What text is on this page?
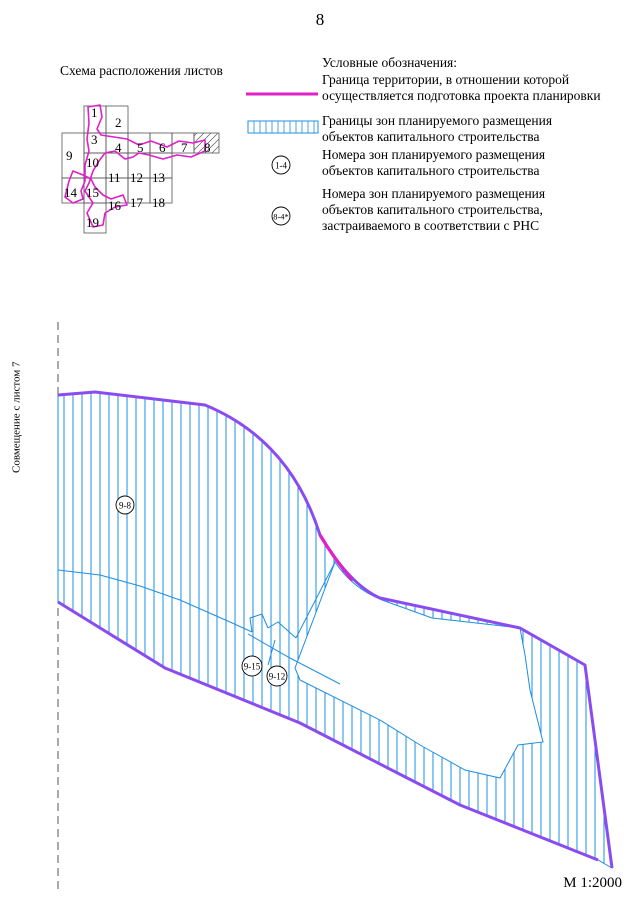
8
Схема расположения листов
1
2
3
4 5 6 7 8
9 10
11 12 13
14 15
16 17 18
19
Условные обозначения:
1-4
8-4*
Граница территории, в отношении которой
осуществляется подготовка проекта планировки
Границы зон планируемого размещения
объектов капитального строительства
Номера зон планируемого размещения
объектов капитального строительства
Номера зон планируемого размещения
объектов капитального строительства,
застраиваемого в соответствии с РНС
9-8
9-15
9-12
Совмещение с листом 7
М 1:2000
